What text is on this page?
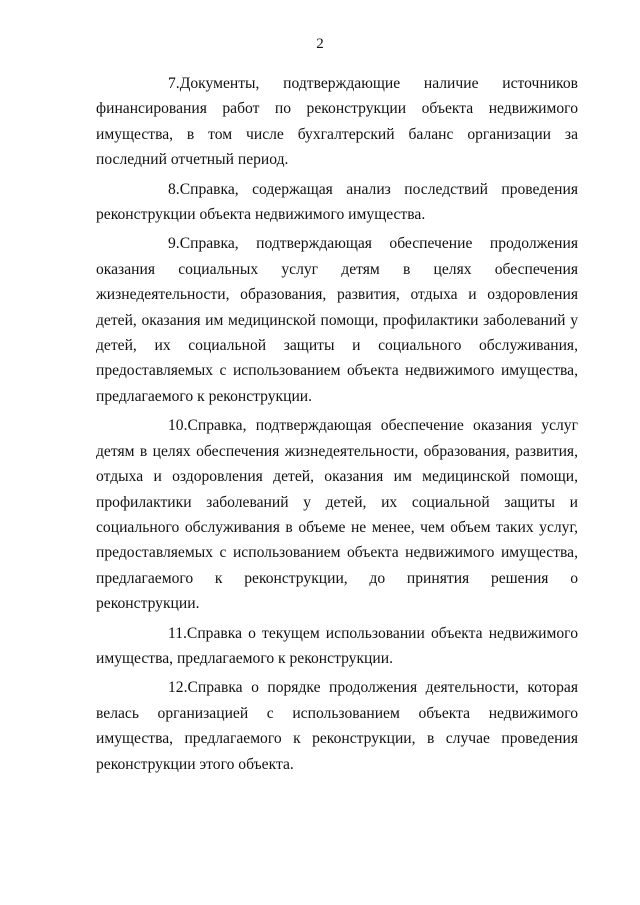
2

7.Документы, подтверждающие наличие источников финансирования работ по реконструкции объекта недвижимого имущества, в том числе бухгалтерский баланс организации за последний отчетный период.

8.Справка, содержащая анализ последствий проведения реконструкции объекта недвижимого имущества.

9.Справка, подтверждающая обеспечение продолжения оказания социальных услуг детям в целях обеспечения жизнедеятельности, образования, развития, отдыха и оздоровления детей, оказания им медицинской помощи, профилактики заболеваний у детей, их социальной защиты и социального обслуживания, предоставляемых с использованием объекта недвижимого имущества, предлагаемого к реконструкции.

10.Справка, подтверждающая обеспечение оказания услуг детям в целях обеспечения жизнедеятельности, образования, развития, отдыха и оздоровления детей, оказания им медицинской помощи, профилактики заболеваний у детей, их социальной защиты и социального обслуживания в объеме не менее, чем объем таких услуг, предоставляемых с использованием объекта недвижимого имущества, предлагаемого к реконструкции, до принятия решения о реконструкции.

11.Справка о текущем использовании объекта недвижимого имущества, предлагаемого к реконструкции.

12.Справка о порядке продолжения деятельности, которая велась организацией с использованием объекта недвижимого имущества, предлагаемого к реконструкции, в случае проведения реконструкции этого объекта.
